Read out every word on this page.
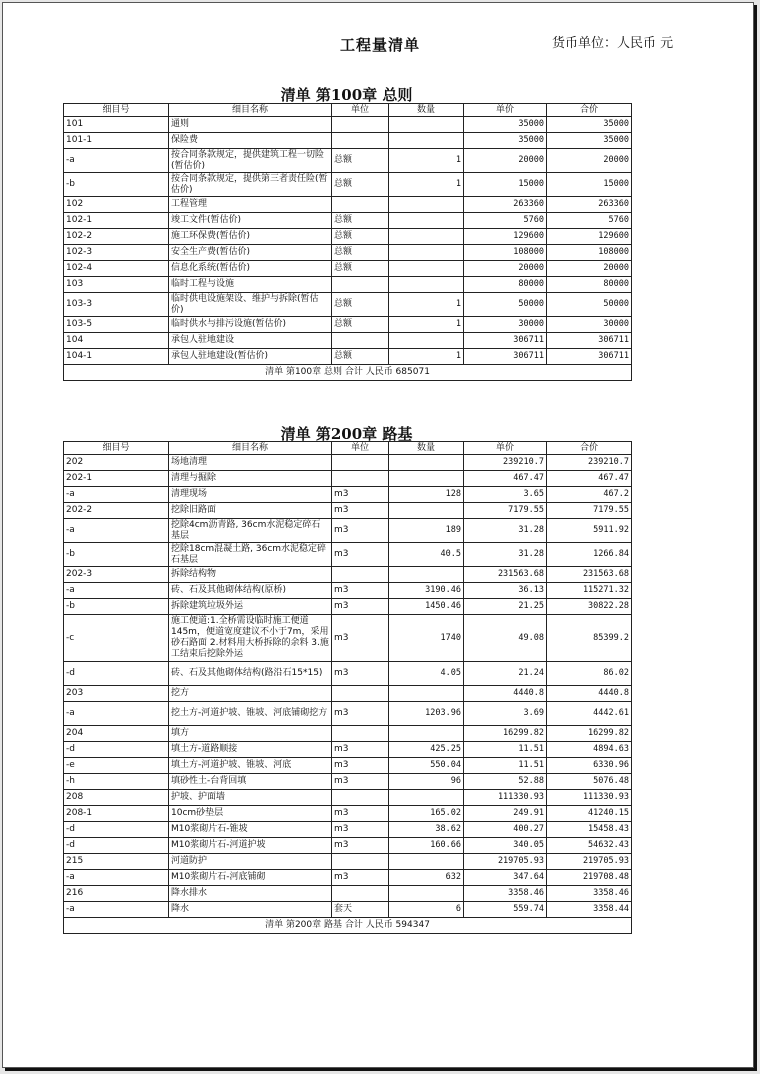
工程量清单	货币单位：人民币 元
清单 第100章 总则
细目号	细目名称	单位	数量	单价	合价
101	通则			35000	35000
101-1	保险费			35000	35000
-a	按合同条款规定，提供建筑工程一切险(暂估价)	总额	1	20000	20000
-b	按合同条款规定，提供第三者责任险(暂估价)	总额	1	15000	15000
102	工程管理			263360	263360
102-1	竣工文件(暂估价)	总额		5760	5760
102-2	施工环保费(暂估价)	总额		129600	129600
102-3	安全生产费(暂估价)	总额		108000	108000
102-4	信息化系统(暂估价)	总额		20000	20000
103	临时工程与设施			80000	80000
103-3	临时供电设施架设、维护与拆除(暂估价)	总额	1	50000	50000
103-5	临时供水与排污设施(暂估价)	总额	1	30000	30000
104	承包人驻地建设			306711	306711
104-1	承包人驻地建设(暂估价)	总额	1	306711	306711
清单 第100章 总则 合计 人民币 685071					
清单 第200章 路基
细目号	细目名称	单位	数量	单价	合价
202	场地清理			239210.7	239210.7
202-1	清理与掘除			467.47	467.47
-a	清理现场	m3	128	3.65	467.2
202-2	挖除旧路面	m3		7179.55	7179.55
-a	挖除4cm沥青路, 36cm水泥稳定碎石基层	m3	189	31.28	5911.92
-b	挖除18cm混凝土路, 36cm水泥稳定碎石基层	m3	40.5	31.28	1266.84
202-3	拆除结构物			231563.68	231563.68
-a	砖、石及其他砌体结构(原桥)	m3	3190.46	36.13	115271.32
-b	拆除建筑垃圾外运	m3	1450.46	21.25	30822.28
-c	施工便道:1.全桥需设临时施工便道145m，便道宽度建议不小于7m，采用砂石路面 2.材料用大桥拆除的余料 3.施工结束后挖除外运	m3	1740	49.08	85399.2
-d	砖、石及其他砌体结构(路沿石15*15)	m3	4.05	21.24	86.02
203	挖方			4440.8	4440.8
-a	挖土方-河道护坡、锥坡、河底铺砌挖方	m3	1203.96	3.69	4442.61
204	填方			16299.82	16299.82
-d	填土方-道路顺接	m3	425.25	11.51	4894.63
-e	填土方-河道护坡、锥坡、河底	m3	550.04	11.51	6330.96
-h	填砂性土-台背回填	m3	96	52.88	5076.48
208	护坡、护面墙			111330.93	111330.93
208-1	10cm砂垫层	m3	165.02	249.91	41240.15
-d	M10浆砌片石-锥坡	m3	38.62	400.27	15458.43
-d	M10浆砌片石-河道护坡	m3	160.66	340.05	54632.43
215	河道防护			219705.93	219705.93
-a	M10浆砌片石-河底铺砌	m3	632	347.64	219708.48
216	降水排水			3358.46	3358.46
-a	降水	套天	6	559.74	3358.44
清单 第200章 路基 合计 人民币 594347					
